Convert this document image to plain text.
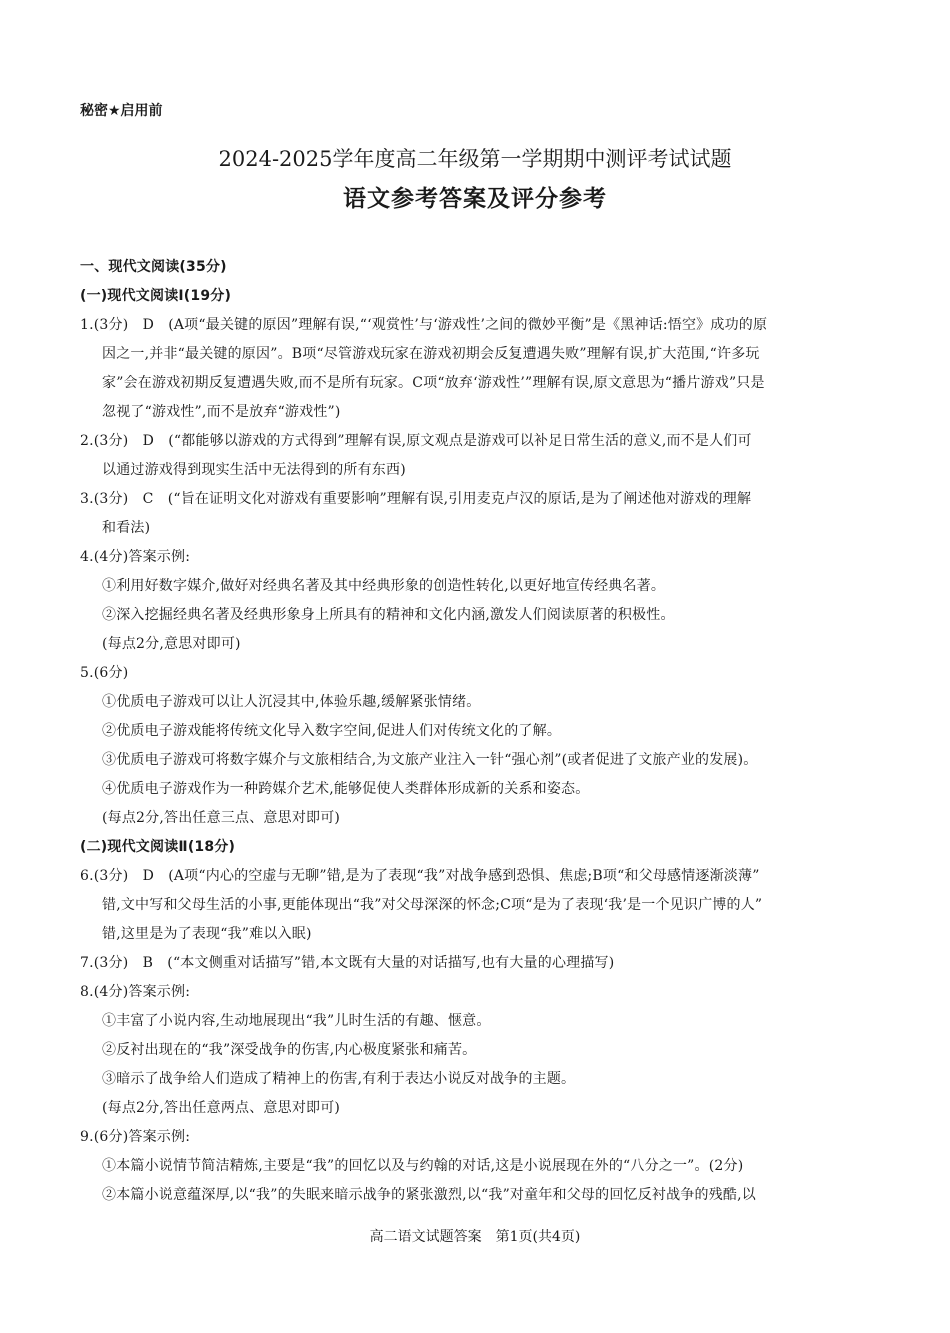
秘密★启用前
2024-2025学年度高二年级第一学期期中测评考试试题
语文参考答案及评分参考
一、现代文阅读(35分)
(一)现代文阅读Ⅰ(19分)
1.(3分)　D　(A项“最关键的原因”理解有误,“‘观赏性’与‘游戏性’之间的微妙平衡”是《黑神话:悟空》成功的原
因之一,并非“最关键的原因”。B项“尽管游戏玩家在游戏初期会反复遭遇失败”理解有误,扩大范围,“许多玩
家”会在游戏初期反复遭遇失败,而不是所有玩家。C项“放弃‘游戏性’”理解有误,原文意思为“播片游戏”只是
忽视了“游戏性”,而不是放弃“游戏性”)
2.(3分)　D　(“都能够以游戏的方式得到”理解有误,原文观点是游戏可以补足日常生活的意义,而不是人们可
以通过游戏得到现实生活中无法得到的所有东西)
3.(3分)　C　(“旨在证明文化对游戏有重要影响”理解有误,引用麦克卢汉的原话,是为了阐述他对游戏的理解
和看法)
4.(4分)答案示例:
①利用好数字媒介,做好对经典名著及其中经典形象的创造性转化,以更好地宣传经典名著。
②深入挖掘经典名著及经典形象身上所具有的精神和文化内涵,激发人们阅读原著的积极性。
(每点2分,意思对即可)
5.(6分)
①优质电子游戏可以让人沉浸其中,体验乐趣,缓解紧张情绪。
②优质电子游戏能将传统文化导入数字空间,促进人们对传统文化的了解。
③优质电子游戏可将数字媒介与文旅相结合,为文旅产业注入一针“强心剂”(或者促进了文旅产业的发展)。
④优质电子游戏作为一种跨媒介艺术,能够促使人类群体形成新的关系和姿态。
(每点2分,答出任意三点、意思对即可)
(二)现代文阅读Ⅱ(18分)
6.(3分)　D　(A项“内心的空虚与无聊”错,是为了表现“我”对战争感到恐惧、焦虑;B项“和父母感情逐渐淡薄”
错,文中写和父母生活的小事,更能体现出“我”对父母深深的怀念;C项“是为了表现‘我’是一个见识广博的人”
错,这里是为了表现“我”难以入眠)
7.(3分)　B　(“本文侧重对话描写”错,本文既有大量的对话描写,也有大量的心理描写)
8.(4分)答案示例:
①丰富了小说内容,生动地展现出“我”儿时生活的有趣、惬意。
②反衬出现在的“我”深受战争的伤害,内心极度紧张和痛苦。
③暗示了战争给人们造成了精神上的伤害,有利于表达小说反对战争的主题。
(每点2分,答出任意两点、意思对即可)
9.(6分)答案示例:
①本篇小说情节简洁精炼,主要是“我”的回忆以及与约翰的对话,这是小说展现在外的“八分之一”。(2分)
②本篇小说意蕴深厚,以“我”的失眠来暗示战争的紧张激烈,以“我”对童年和父母的回忆反衬战争的残酷,以
高二语文试题答案　第1页(共4页)
